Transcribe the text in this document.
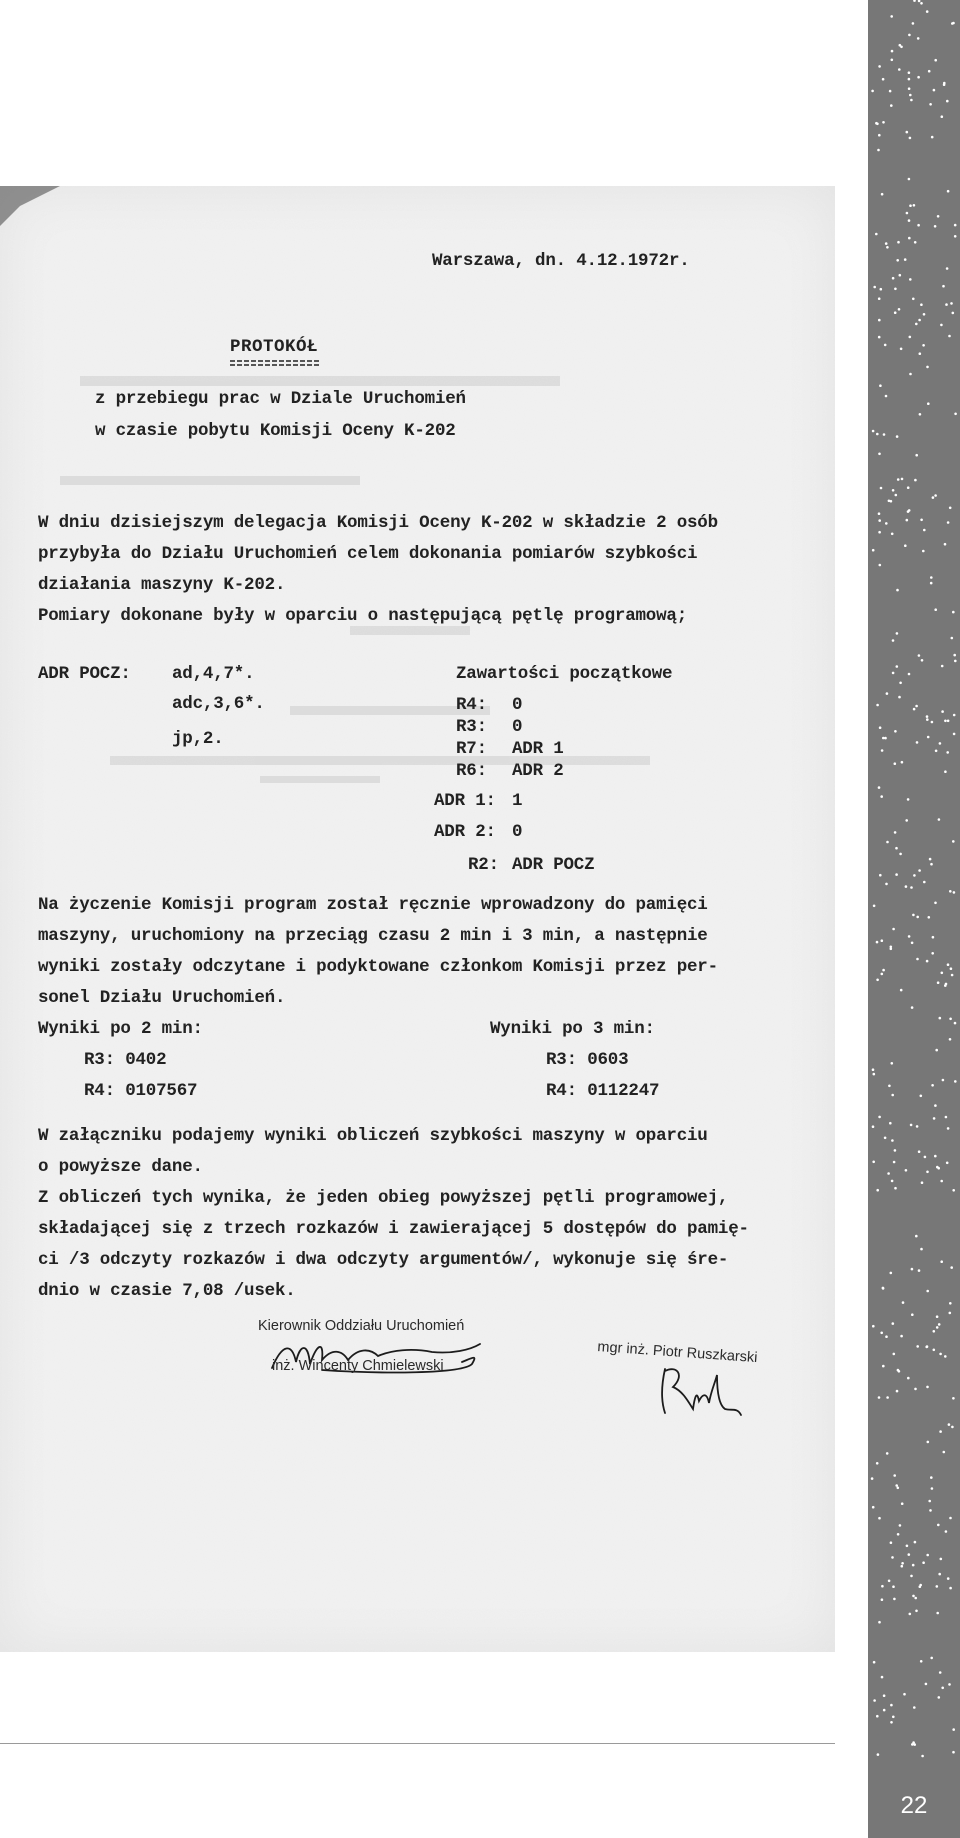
22
Warszawa, dn. 4.12.1972r.
PROTOKÓŁ
z przebiegu prac w Dziale Uruchomień
w czasie pobytu Komisji Oceny K-202
W dniu dzisiejszym delegacja Komisji Oceny K-202 w składzie 2 osób
przybyła do Działu Uruchomień celem dokonania pomiarów szybkości
działania maszyny K-202.
Pomiary dokonane były w oparciu o następującą pętlę programową;
ADR POCZ: ad,4,7*.
adc,3,6*.
jp,2.
Zawartości początkowe
R4: 0
R3: 0
R7: ADR 1
R6: ADR 2
ADR 1: 1
ADR 2: 0
R2: ADR POCZ
Na życzenie Komisji program został ręcznie wprowadzony do pamięci
maszyny, uruchomiony na przeciąg czasu 2 min i 3 min, a następnie
wyniki zostały odczytane i podyktowane członkom Komisji przez per-
sonel Działu Uruchomień.
Wyniki po 2 min:
R3: 0402
R4: 0107567
Wyniki po 3 min:
R3: 0603
R4: 0112247
W załączniku podajemy wyniki obliczeń szybkości maszyny w oparciu
o powyższe dane.
Z obliczeń tych wynika, że jeden obieg powyższej pętli programowej,
składającej się z trzech rozkazów i zawierającej 5 dostępów do pamię-
ci /3 odczyty rozkazów i dwa odczyty argumentów/, wykonuje się śre-
dnio w czasie 7,08 /usek.
Kierownik Oddziału Uruchomień
inż. Wincenty Chmielewski	mgr inż. Piotr Ruszkarski
